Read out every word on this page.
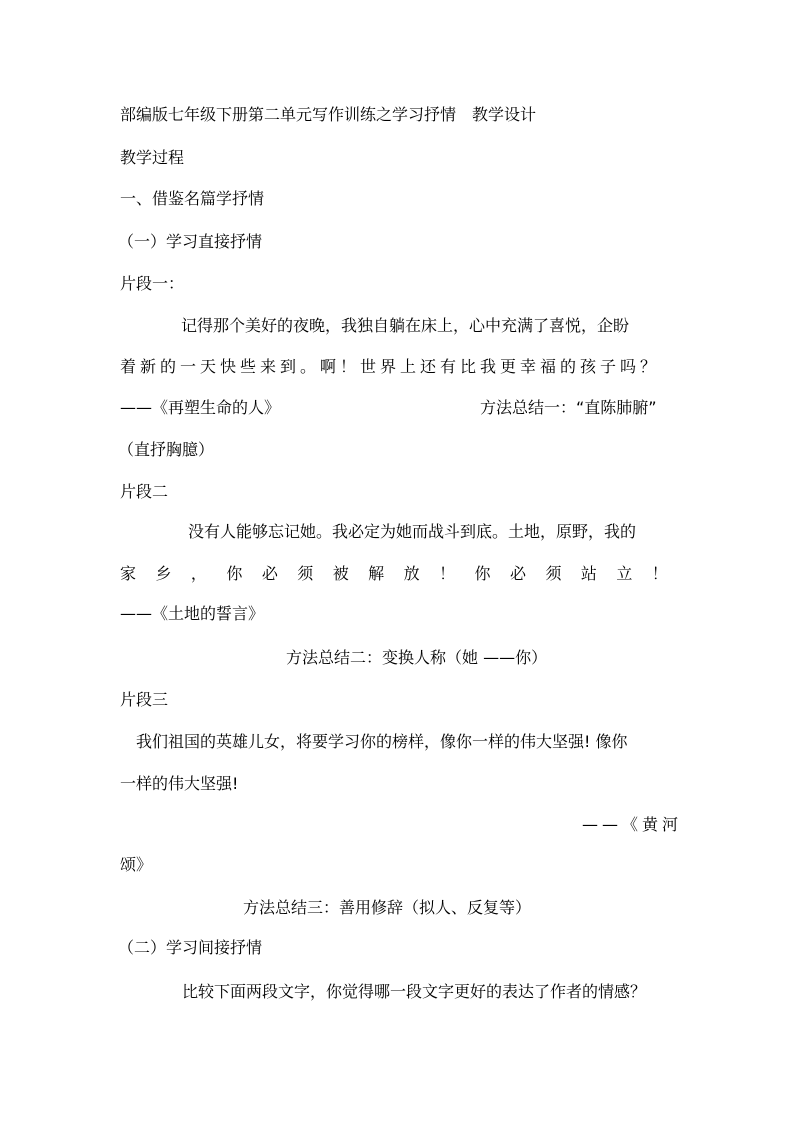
部编版七年级下册第二单元写作训练之学习抒情　教学设计
教学过程
一、借鉴名篇学抒情
（一）学习直接抒情
片段一：
记得那个美好的夜晚，我独自躺在床上，心中充满了喜悦，企盼
着新的一天快些来到。啊！世界上还有比我更幸福的孩子吗？
——《再塑生命的人》	方法总结一：“直陈肺腑”
（直抒胸臆）
片段二
没有人能够忘记她。我必定为她而战斗到底。土地，原野，我的
家 乡 ， 你 必 须 被 解 放 ！ 你 必 须 站 立 ！
——《土地的誓言》
方法总结二：变换人称（她 ——你）
片段三
我们祖国的英雄儿女，将要学习你的榜样，像你一样的伟大坚强! 像你
一样的伟大坚强!
——《黄河
颂》
方法总结三：善用修辞（拟人、反复等）
（二）学习间接抒情
比较下面两段文字，你觉得哪一段文字更好的表达了作者的情感？
